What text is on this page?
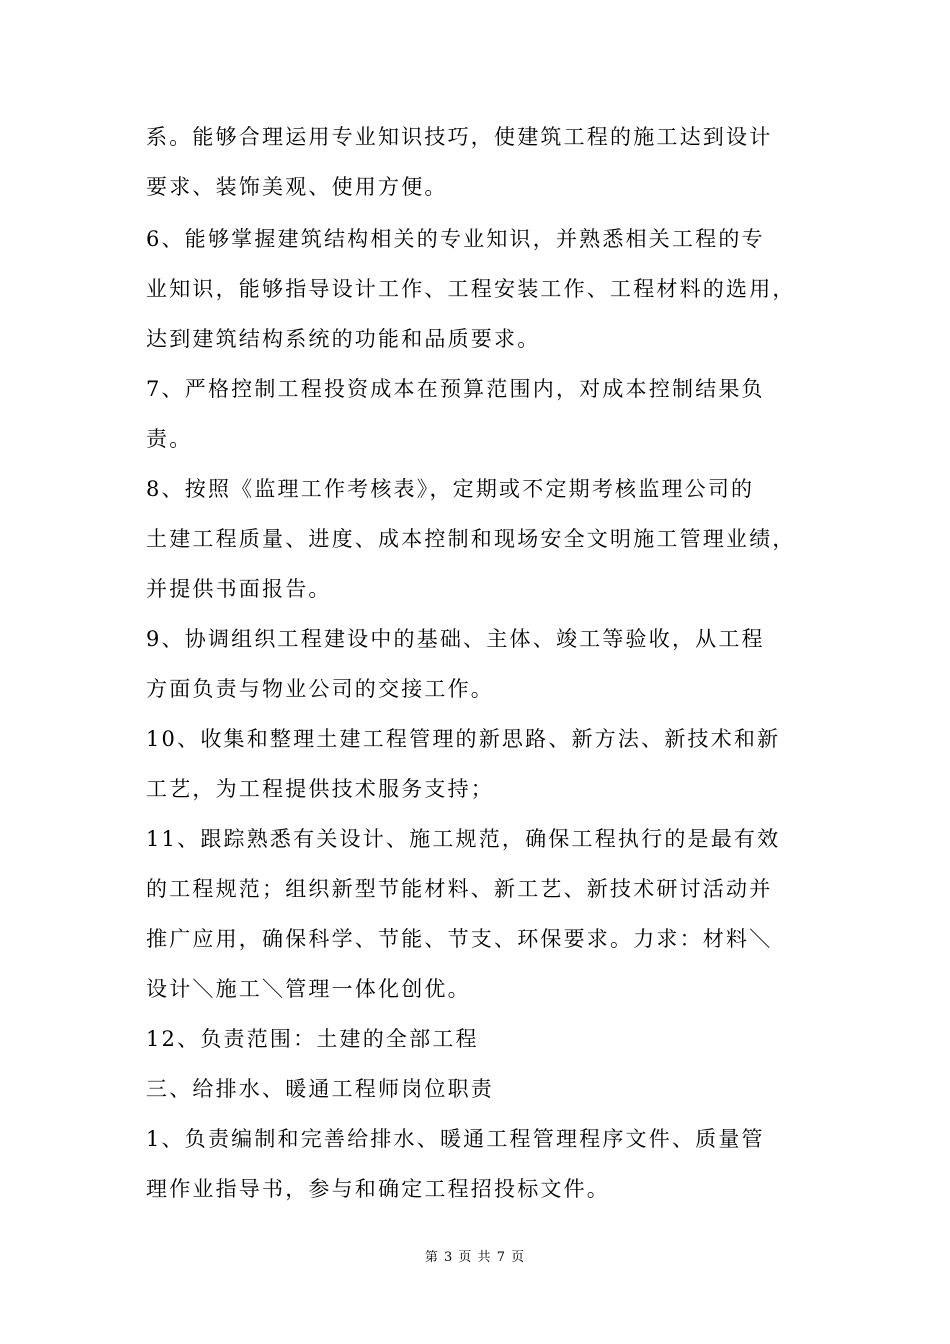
系。能够合理运用专业知识技巧，使建筑工程的施工达到设计
要求、装饰美观、使用方便。
6、能够掌握建筑结构相关的专业知识，并熟悉相关工程的专
业知识，能够指导设计工作、工程安装工作、工程材料的选用，
达到建筑结构系统的功能和品质要求。
7、严格控制工程投资成本在预算范围内，对成本控制结果负
责。
8、按照《监理工作考核表》，定期或不定期考核监理公司的
土建工程质量、进度、成本控制和现场安全文明施工管理业绩，
并提供书面报告。
9、协调组织工程建设中的基础、主体、竣工等验收，从工程
方面负责与物业公司的交接工作。
10、收集和整理土建工程管理的新思路、新方法、新技术和新
工艺，为工程提供技术服务支持；
11、跟踪熟悉有关设计、施工规范，确保工程执行的是最有效
的工程规范；组织新型节能材料、新工艺、新技术研讨活动并
推广应用，确保科学、节能、节支、环保要求。力求：材料＼
设计＼施工＼管理一体化创优。
12、负责范围：土建的全部工程
三、给排水、暖通工程师岗位职责
1、负责编制和完善给排水、暖通工程管理程序文件、质量管
理作业指导书，参与和确定工程招投标文件。
第 3 页 共 7 页
